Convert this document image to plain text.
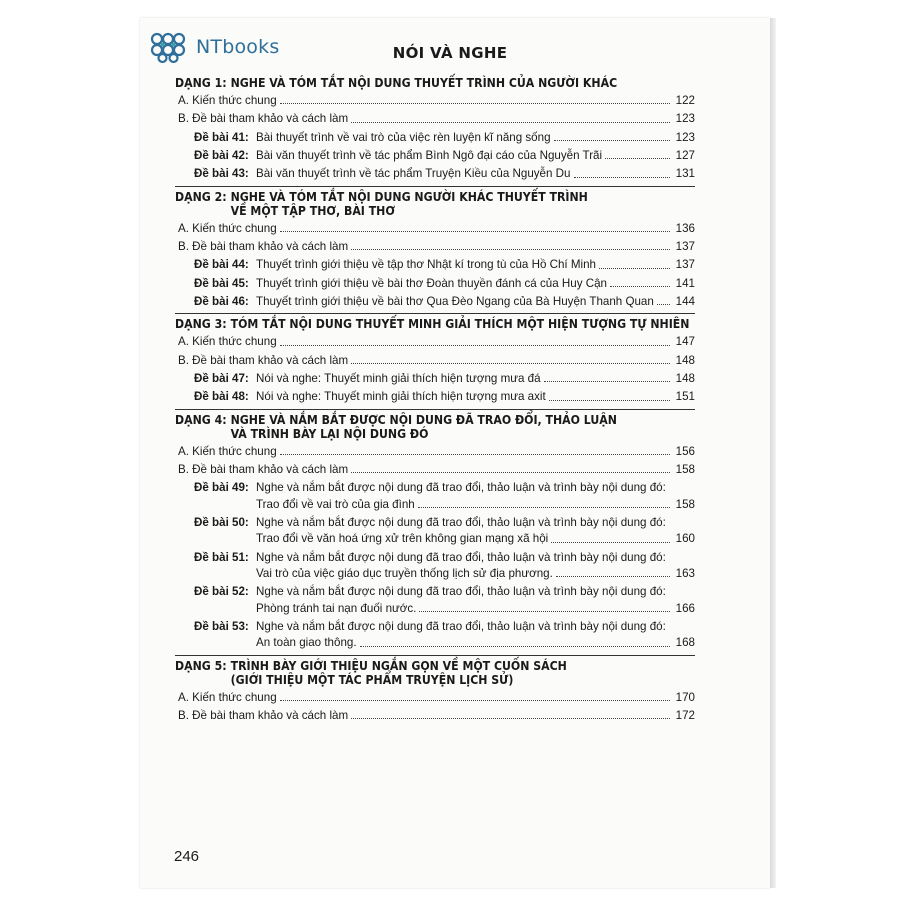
NTbooks	NÓI VÀ NGHE
DẠNG 1: NGHE VÀ TÓM TẮT NỘI DUNG THUYẾT TRÌNH CỦA NGƯỜI KHÁC
A. Kiến thức chung	122
B. Đề bài tham khảo và cách làm	123
Đề bài 41: Bài thuyết trình về vai trò của việc rèn luyện kĩ năng sống	123
Đề bài 42: Bài văn thuyết trình về tác phẩm Bình Ngô đại cáo của Nguyễn Trãi	127
Đề bài 43: Bài văn thuyết trình về tác phẩm Truyện Kiều của Nguyễn Du	131
DẠNG 2: NGHE VÀ TÓM TẮT NỘI DUNG NGƯỜI KHÁC THUYẾT TRÌNH
VỀ MỘT TẬP THƠ, BÀI THƠ
A. Kiến thức chung	136
B. Đề bài tham khảo và cách làm	137
Đề bài 44: Thuyết trình giới thiệu về tập thơ Nhật kí trong tù của Hồ Chí Minh	137
Đề bài 45: Thuyết trình giới thiệu về bài thơ Đoàn thuyền đánh cá của Huy Cận	141
Đề bài 46: Thuyết trình giới thiệu về bài thơ Qua Đèo Ngang của Bà Huyện Thanh Quan 144
DẠNG 3: TÓM TẮT NỘI DUNG THUYẾT MINH GIẢI THÍCH MỘT HIỆN TƯỢNG TỰ NHIÊN
A. Kiến thức chung	147
B. Đề bài tham khảo và cách làm	148
Đề bài 47: Nói và nghe: Thuyết minh giải thích hiện tượng mưa đá	148
Đề bài 48: Nói và nghe: Thuyết minh giải thích hiện tượng mưa axit	151
DẠNG 4: NGHE VÀ NẮM BẮT ĐƯỢC NỘI DUNG ĐÃ TRAO ĐỔI, THẢO LUẬN
VÀ TRÌNH BÀY LẠI NỘI DUNG ĐÓ
A. Kiến thức chung	156
B. Đề bài tham khảo và cách làm	158
Đề bài 49: Nghe và nắm bắt được nội dung đã trao đổi, thảo luận và trình bày nội dung đó:
Trao đổi về vai trò của gia đình	158
Đề bài 50: Nghe và nắm bắt được nội dung đã trao đổi, thảo luận và trình bày nội dung đó:
Trao đổi về văn hoá ứng xử trên không gian mạng xã hội	160
Đề bài 51: Nghe và nắm bắt được nội dung đã trao đổi, thảo luận và trình bày nội dung đó:
Vai trò của việc giáo dục truyền thống lịch sử địa phương.	163
Đề bài 52: Nghe và nắm bắt được nội dung đã trao đổi, thảo luận và trình bày nội dung đó:
Phòng tránh tai nạn đuối nước.	166
Đề bài 53: Nghe và nắm bắt được nội dung đã trao đổi, thảo luận và trình bày nội dung đó:
An toàn giao thông.	168
DẠNG 5: TRÌNH BÀY GIỚI THIỆU NGẮN GỌN VỀ MỘT CUỐN SÁCH
(GIỚI THIỆU MỘT TÁC PHẨM TRUYỆN LỊCH SỬ)
A. Kiến thức chung	170
B. Đề bài tham khảo và cách làm	172
246
